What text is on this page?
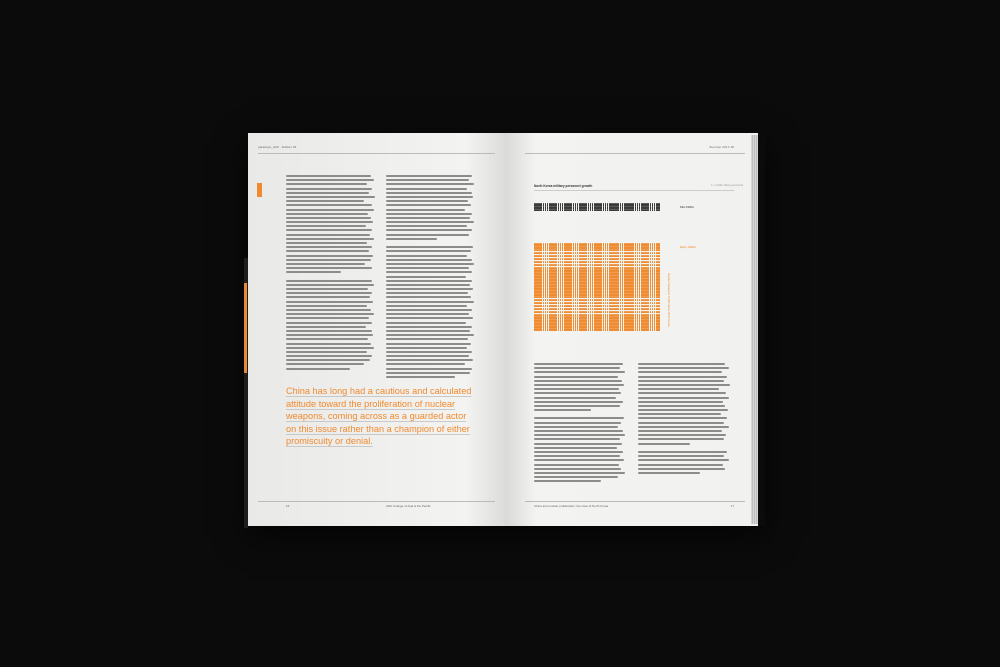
paradigm_shift · Edition 03
China has long had a cautious and calculated attitude toward the proliferation of nuclear weapons, coming across as a guarded actor on this issue rather than a champion of either promiscuity or denial.
16	ANU College of Asia & the Pacific
Summer 2017-18
North Korea military personnel growth	1 = 1,000 military personnel
Mid 1960s
Early 1990s
China and nuclear proliferation: the case of North Korea	17
Nuclear Weapons Proliferation North Korea
